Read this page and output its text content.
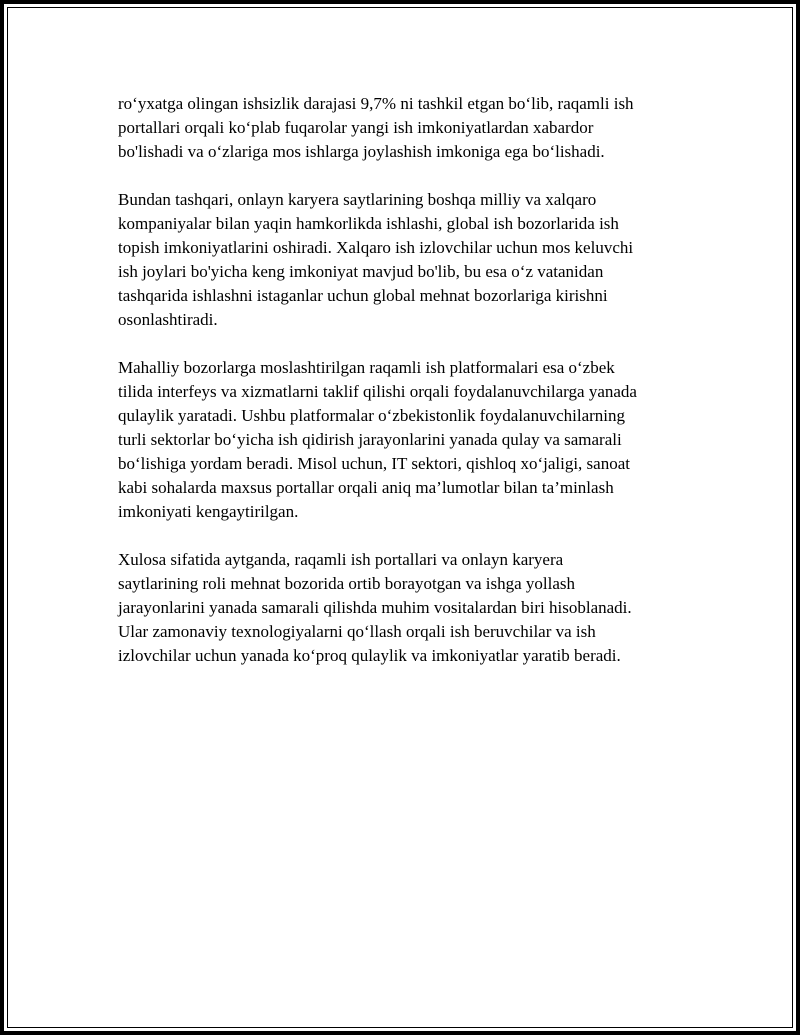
ro‘yxatga olingan ishsizlik darajasi 9,7% ni tashkil etgan bo‘lib, raqamli ish
portallari orqali ko‘plab fuqarolar yangi ish imkoniyatlardan xabardor
bo'lishadi va o‘zlariga mos ishlarga joylashish imkoniga ega bo‘lishadi.

Bundan tashqari, onlayn karyera saytlarining boshqa milliy va xalqaro
kompaniyalar bilan yaqin hamkorlikda ishlashi, global ish bozorlarida ish
topish imkoniyatlarini oshiradi. Xalqaro ish izlovchilar uchun mos keluvchi
ish joylari bo'yicha keng imkoniyat mavjud bo'lib, bu esa o‘z vatanidan
tashqarida ishlashni istaganlar uchun global mehnat bozorlariga kirishni
osonlashtiradi.

Mahalliy bozorlarga moslashtirilgan raqamli ish platformalari esa o‘zbek
tilida interfeys va xizmatlarni taklif qilishi orqali foydalanuvchilarga yanada
qulaylik yaratadi. Ushbu platformalar o‘zbekistonlik foydalanuvchilarning
turli sektorlar bo‘yicha ish qidirish jarayonlarini yanada qulay va samarali
bo‘lishiga yordam beradi. Misol uchun, IT sektori, qishloq xo‘jaligi, sanoat
kabi sohalarda maxsus portallar orqali aniq ma’lumotlar bilan ta’minlash
imkoniyati kengaytirilgan.

Xulosa sifatida aytganda, raqamli ish portallari va onlayn karyera
saytlarining roli mehnat bozorida ortib borayotgan va ishga yollash
jarayonlarini yanada samarali qilishda muhim vositalardan biri hisoblanadi.
Ular zamonaviy texnologiyalarni qo‘llash orqali ish beruvchilar va ish
izlovchilar uchun yanada ko‘proq qulaylik va imkoniyatlar yaratib beradi.
